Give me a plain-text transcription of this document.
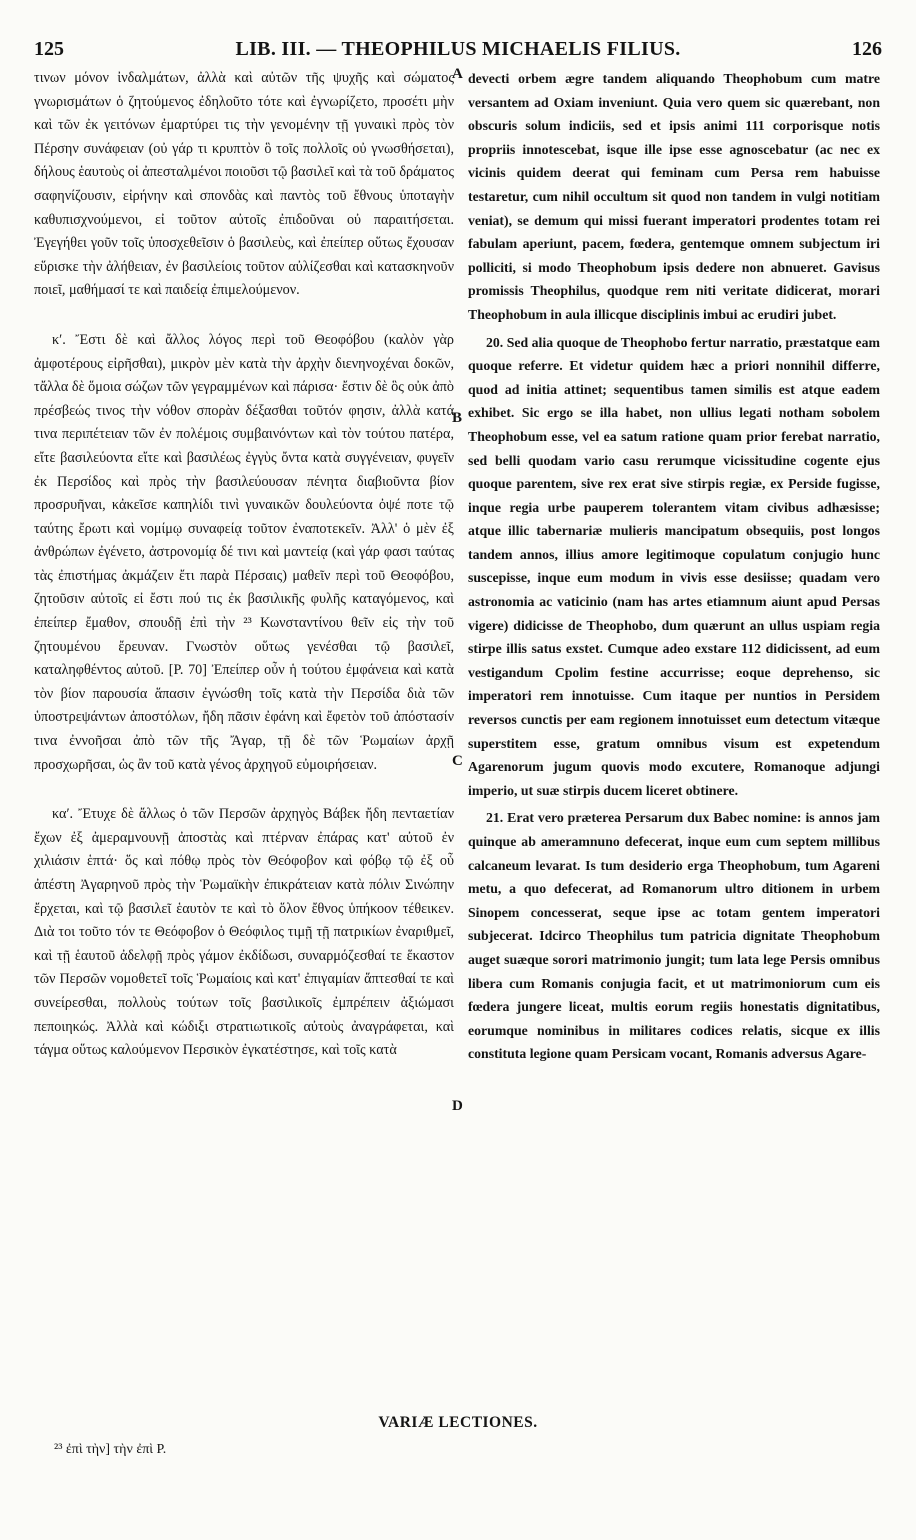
125	LIB. III. — THEOPHILUS MICHAELIS FILIUS.	126

τινων μόνον ἰνδαλμάτων, ἀλλὰ καὶ αὐτῶν τῆς ψυχῆς καὶ σώματος γνωρισμάτων ὁ ζητούμενος ἐδηλοῦτο τότε καὶ ἐγνωρίζετο, προσέτι μὴν καὶ τῶν ἐκ γειτόνων ἐμαρτύρει τις τὴν γενομένην τῇ γυναικὶ πρὸς τὸν Πέρσην συνάφειαν (οὐ γάρ τι κρυπτὸν ὃ τοῖς πολλοῖς οὐ γνωσθήσεται), δήλους ἑαυτοὺς οἱ ἀπεσταλμένοι ποιοῦσι τῷ βασιλεῖ καὶ τὰ τοῦ δράματος σαφηνίζουσιν, εἰρήνην καὶ σπονδὰς καὶ παντὸς τοῦ ἔθνους ὑποταγὴν καθυπισχνούμενοι, εἰ τοῦτον αὐτοῖς ἐπιδοῦναι οὐ παραιτήσεται. Ἐγεγήθει γοῦν τοῖς ὑποσχεθεῖσιν ὁ βασιλεὺς, καὶ ἐπείπερ οὕτως ἔχουσαν εὕρισκε τὴν ἀλήθειαν, ἐν βασιλείοις τοῦτον αὐλίζεσθαι καὶ κατασκηνοῦν ποιεῖ, μαθήμασί τε καὶ παιδείᾳ ἐπιμελούμενον.

κʹ. Ἔστι δὲ καὶ ἄλλος λόγος περὶ τοῦ Θεοφόβου (καλὸν γὰρ ἀμφοτέρους εἰρῆσθαι), μικρὸν μὲν κατὰ τὴν ἀρχὴν διενηνοχέναι δοκῶν, τἄλλα δὲ ὅμοια σώζων τῶν γεγραμμένων καὶ πάρισα· ἔστιν δὲ ὃς οὐκ ἀπὸ πρέσβεώς τινος τὴν νόθον σπορὰν δέξασθαι τοῦτόν φησιν, ἀλλὰ κατά τινα περιπέτειαν τῶν ἐν πολέμοις συμβαινόντων καὶ τὸν τούτου πατέρα, εἴτε βασιλεύοντα εἴτε καὶ βασιλέως ἐγγὺς ὄντα κατὰ συγγένειαν, φυγεῖν ἐκ Περσίδος καὶ πρὸς τὴν βασιλεύουσαν πένητα διαβιοῦντα βίον προσρυῆναι, κἀκεῖσε καπηλίδι τινὶ γυναικῶν δουλεύοντα ὀψέ ποτε τῷ ταύτης ἔρωτι καὶ νομίμῳ συναφείᾳ τοῦτον ἐναποτεκεῖν. Ἀλλ' ὁ μὲν ἐξ ἀνθρώπων ἐγένετο, ἀστρονομίᾳ δέ τινι καὶ μαντείᾳ (καὶ γάρ φασι ταύτας τὰς ἐπιστήμας ἀκμάζειν ἔτι παρὰ Πέρσαις) μαθεῖν περὶ τοῦ Θεοφόβου, ζητοῦσιν αὐτοῖς εἰ ἔστι πού τις ἐκ βασιλικῆς φυλῆς καταγόμενος, καὶ ἐπείπερ ἔμαθον, σπουδῇ ἐπὶ τὴν ²³ Κωνσταντίνου θεῖν εἰς τὴν τοῦ ζητουμένου ἔρευναν. Γνωστὸν οὕτως γενέσθαι τῷ βασιλεῖ, καταληφθέντος αὐτοῦ. [P. 70] Ἐπείπερ οὖν ἡ τούτου ἐμφάνεια καὶ κατὰ τὸν βίον παρουσία ἅπασιν ἐγνώσθη τοῖς κατὰ τὴν Περσίδα διὰ τῶν ὑποστρεψάντων ἀποστόλων, ἤδη πᾶσιν ἐφάνη καὶ ἔφετὸν τοῦ ἀπόστασίν τινα ἐννοῆσαι ἀπὸ τῶν τῆς Ἄγαρ, τῇ δὲ τῶν Ῥωμαίων ἀρχῇ προσχωρῆσαι, ὡς ἂν τοῦ κατὰ γένος ἀρχηγοῦ εὐμοιρήσειαν.

καʹ. Ἔτυχε δὲ ἄλλως ὁ τῶν Περσῶν ἀρχηγὸς Βάβεκ ἤδη πενταετίαν ἔχων ἐξ ἀμεραμνουνῇ ἀποστὰς καὶ πτέρναν ἐπάρας κατ' αὐτοῦ ἐν χιλιάσιν ἑπτά· ὅς καὶ πόθῳ πρὸς τὸν Θεόφοβον καὶ φόβῳ τῷ ἐξ οὗ ἀπέστη Ἀγαρηνοῦ πρὸς τὴν Ῥωμαϊκὴν ἐπικράτειαν κατὰ πόλιν Σινώπην ἔρχεται, καὶ τῷ βασιλεῖ ἑαυτὸν τε καὶ τὸ ὅλον ἔθνος ὑπήκοον τέθεικεν. Διὰ τοι τοῦτο τόν τε Θεόφοβον ὁ Θεόφιλος τιμῇ τῇ πατρικίων ἐναριθμεῖ, καὶ τῇ ἑαυτοῦ ἀδελφῇ πρὸς γάμον ἐκδίδωσι, συναρμόζεσθαί τε ἕκαστον τῶν Περσῶν νομοθετεῖ τοῖς Ῥωμαίοις καὶ κατ' ἐπιγαμίαν ἅπτεσθαί τε καὶ συνείρεσθαι, πολλοὺς τούτων τοῖς βασιλικοῖς ἐμπρέπειν ἀξιώμασι πεποιηκώς. Ἀλλὰ καὶ κώδιξι στρατιωτικοῖς αὐτοὺς ἀναγράφεται, καὶ τάγμα οὕτως καλούμενον Περσικὸν ἐγκατέστησε, καὶ τοῖς κατὰ

devecti orbem ægre tandem aliquando Theophobum cum matre versantem ad Oxiam inveniunt. Quia vero quem sic quærebant, non obscuris solum indiciis, sed et ipsis animi 111 corporisque notis propriis innotescebat, isque ille ipse esse agnoscebatur (ac nec ex vicinis quidem deerat qui feminam cum Persa rem habuisse testaretur, cum nihil occultum sit quod non tandem in vulgi notitiam veniat), se demum qui missi fuerant imperatori prodentes totam rei fabulam aperiunt, pacem, fœdera, gentemque omnem subjectum iri polliciti, si modo Theophobum ipsis dedere non abnueret. Gavisus promissis Theophilus, quodque rem niti veritate didicerat, morari Theophobum in aula illicque disciplinis imbui ac erudiri jubet.

20. Sed alia quoque de Theophobo fertur narratio, præstatque eam quoque referre. Et videtur quidem hæc a priori nonnihil differre, quod ad initia attinet; sequentibus tamen similis est atque eadem exhibet. Sic ergo se illa habet, non ullius legati notham sobolem Theophobum esse, vel ea satum ratione quam prior ferebat narratio, sed belli quodam vario casu rerumque vicissitudine cogente ejus quoque parentem, sive rex erat sive stirpis regiæ, ex Perside fugisse, inque regia urbe pauperem tolerantem vitam civibus adhæsisse; atque illic tabernariæ mulieris mancipatum obsequiis, post longos tandem annos, illius amore legitimoque copulatum conjugio hunc suscepisse, inque eum modum in vivis esse desiisse; quadam vero astronomia ac vaticinio (nam has artes etiamnum aiunt apud Persas vigere) didicisse de Theophobo, dum quærunt an ullus uspiam regia stirpe illis satus exstet. Cumque adeo exstare 112 didicissent, ad eum vestigandum Cpolim festine accurrisse; eoque deprehenso, sic imperatori rem innotuisse. Cum itaque per nuntios in Persidem reversos cunctis per eam regionem innotuisset eum detectum vitæque superstitem esse, gratum omnibus visum est expetendum Agarenorum jugum quovis modo excutere, Romanoque adjungi imperio, ut suæ stirpis ducem liceret obtinere.

21. Erat vero præterea Persarum dux Babec nomine: is annos jam quinque ab ameramnuno defecerat, inque eum cum septem millibus calcaneum levarat. Is tum desiderio erga Theophobum, tum Agareni metu, a quo defecerat, ad Romanorum ultro ditionem in urbem Sinopem concesserat, seque ipse ac totam gentem imperatori subjecerat. Idcirco Theophilus tum patricia dignitate Theophobum auget suæque sorori matrimonio jungit; tum lata lege Persis omnibus libera cum Romanis conjugia facit, et ut matrimoniorum cum eis fœdera jungere liceat, multis eorum regiis honestatis dignitatibus, eorumque nominibus in militares codices relatis, sicque ex illis constituta legione quam Persicam vocant, Romanis adversus Agare-

A
B
C
D
VARIÆ LECTIONES.
²³ ἐπὶ τὴν] τὴν ἐπὶ P.
